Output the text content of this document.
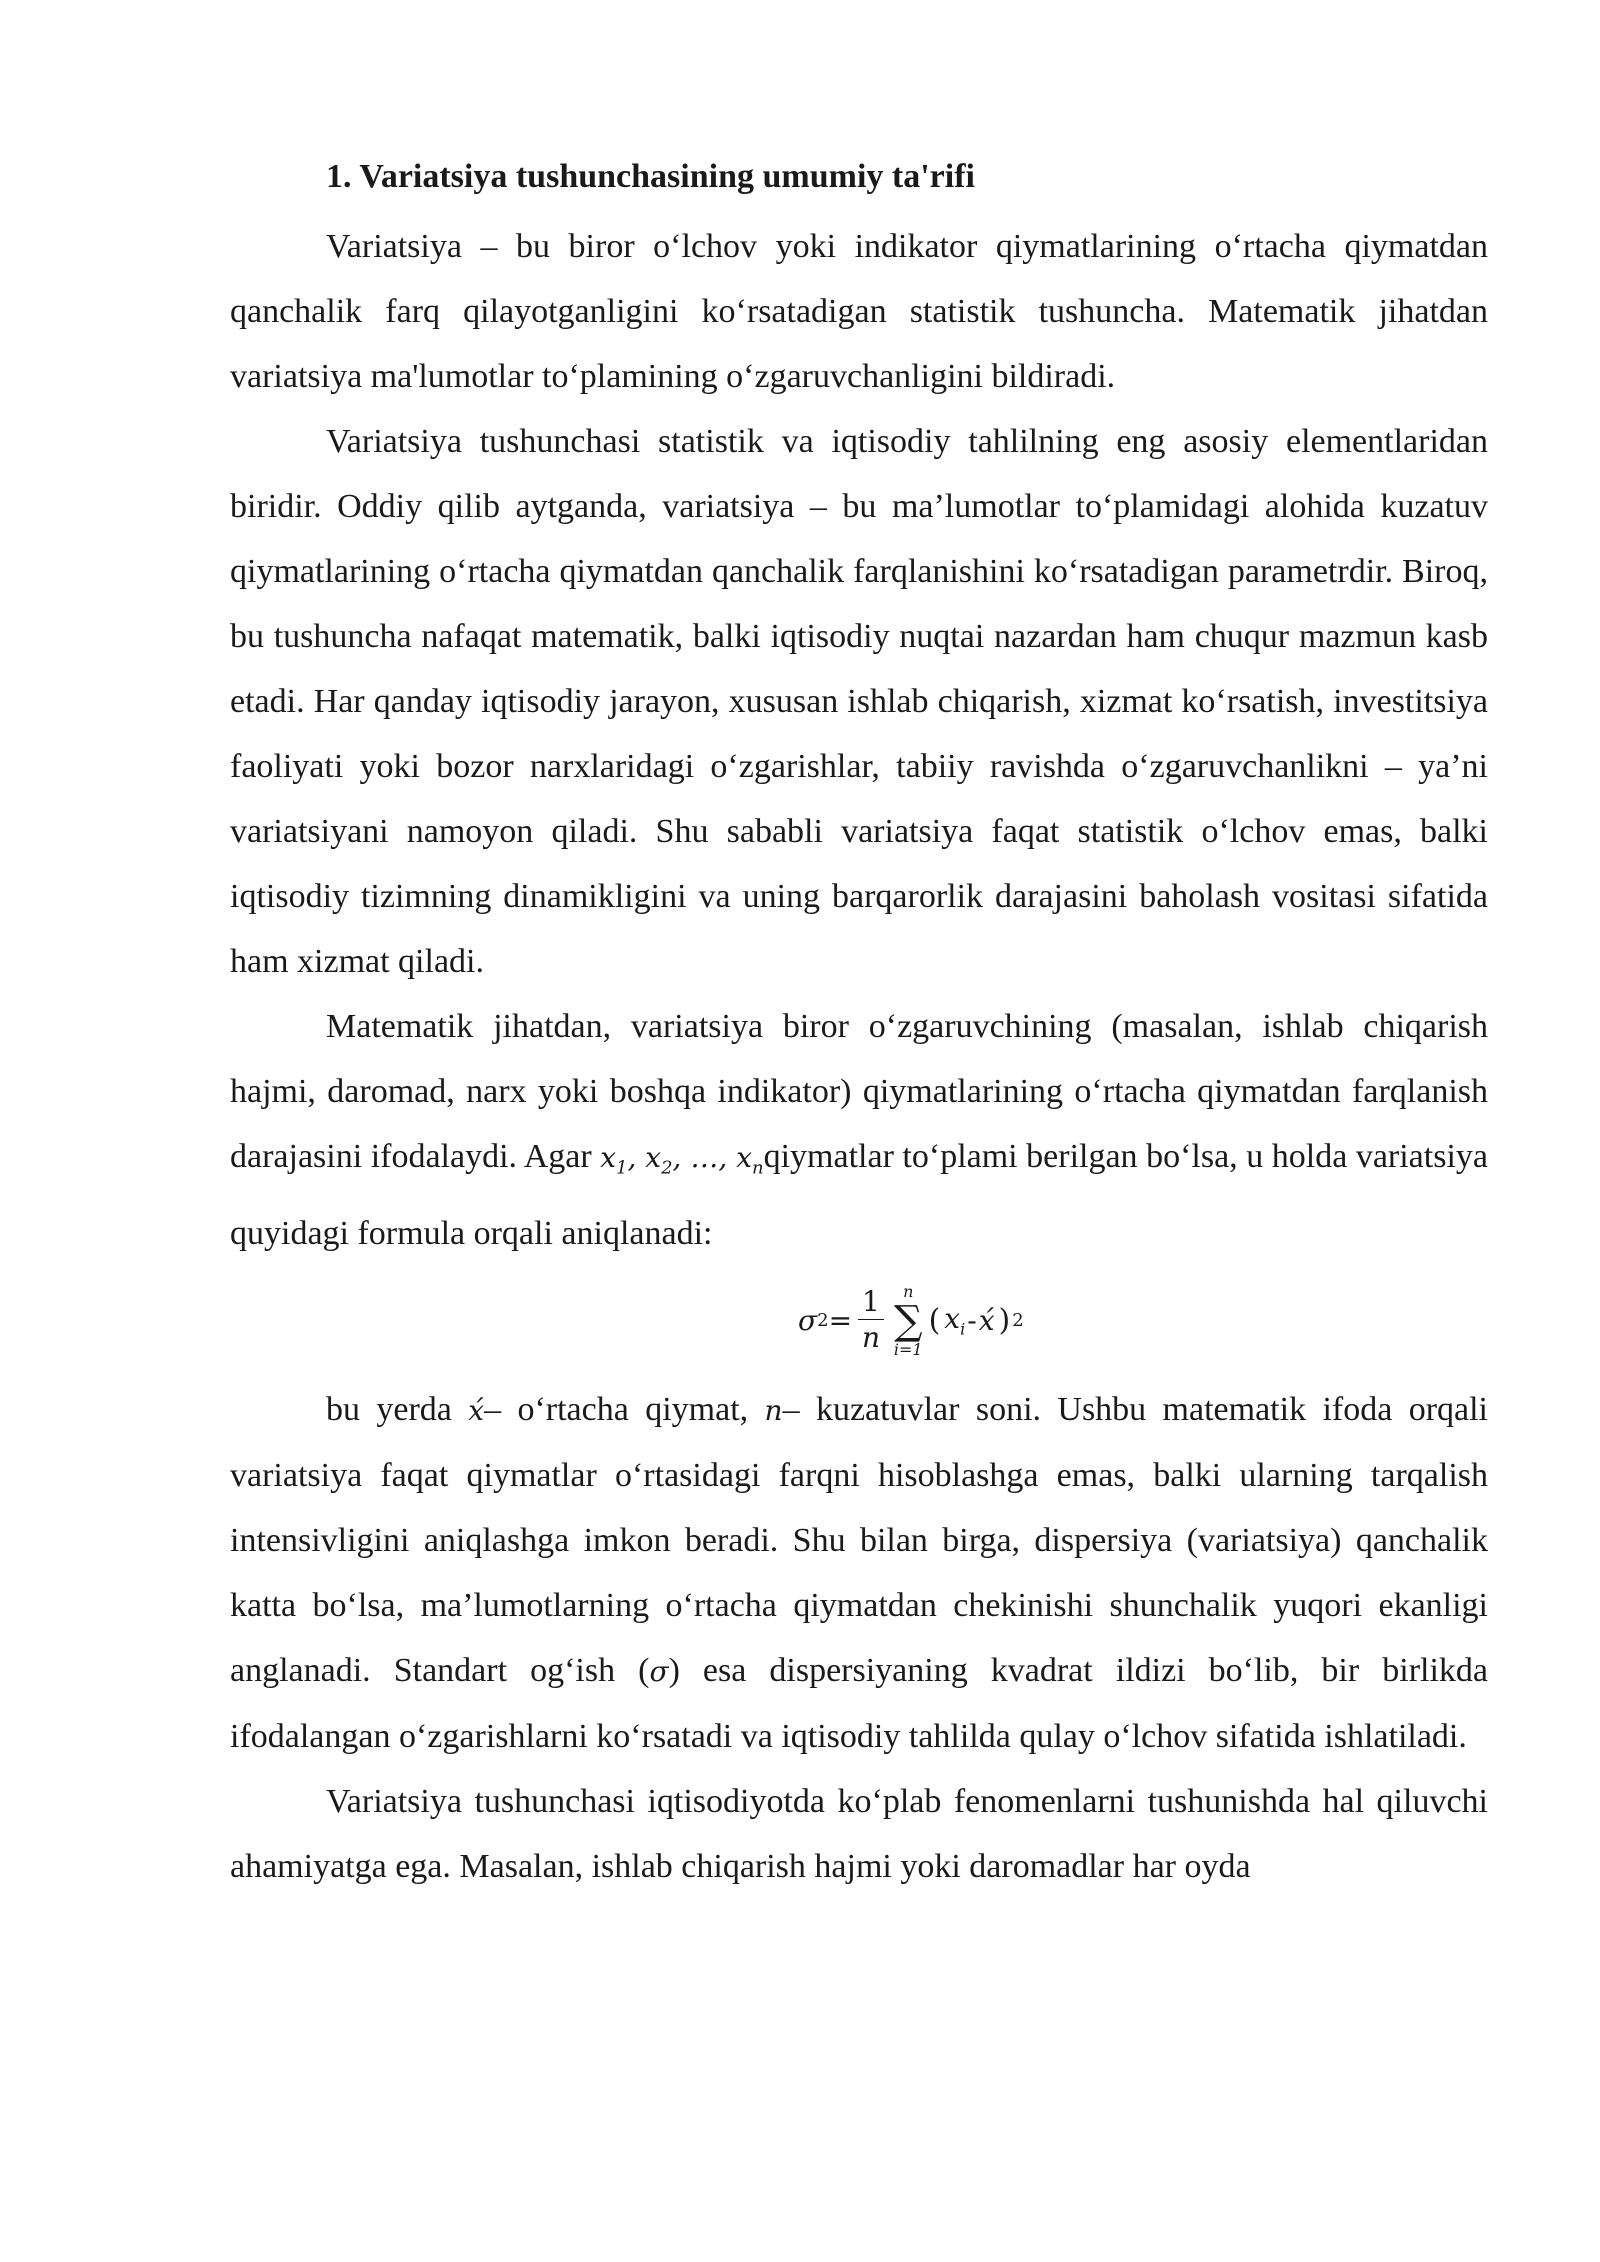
1. Variatsiya tushunchasining umumiy ta'rifi

Variatsiya – bu biror o‘lchov yoki indikator qiymatlarining o‘rtacha qiymatdan qanchalik farq qilayotganligini ko‘rsatadigan statistik tushuncha. Matematik jihatdan variatsiya ma'lumotlar to‘plamining o‘zgaruvchanligini bildiradi.

Variatsiya tushunchasi statistik va iqtisodiy tahlilning eng asosiy elementlaridan biridir. Oddiy qilib aytganda, variatsiya – bu ma’lumotlar to‘plamidagi alohida kuzatuv qiymatlarining o‘rtacha qiymatdan qanchalik farqlanishini ko‘rsatadigan parametrdir. Biroq, bu tushuncha nafaqat matematik, balki iqtisodiy nuqtai nazardan ham chuqur mazmun kasb etadi. Har qanday iqtisodiy jarayon, xususan ishlab chiqarish, xizmat ko‘rsatish, investitsiya faoliyati yoki bozor narxlaridagi o‘zgarishlar, tabiiy ravishda o‘zgaruvchanlikni – ya’ni variatsiyani namoyon qiladi. Shu sababli variatsiya faqat statistik o‘lchov emas, balki iqtisodiy tizimning dinamikligini va uning barqarorlik darajasini baholash vositasi sifatida ham xizmat qiladi.

Matematik jihatdan, variatsiya biror o‘zgaruvchining (masalan, ishlab chiqarish hajmi, daromad, narx yoki boshqa indikator) qiymatlarining o‘rtacha qiymatdan farqlanish darajasini ifodalaydi. Agar $x_1$, $x_2$, …, $x_nqiymatlar$ to‘plami berilgan bo‘lsa, u holda variatsiya quyidagi formula orqali aniqlanadi:

σ $2 = \frac{1}{n}$ n
∑
i=1
( $x_i$ - x́ ) 2

bu yerda x́– o‘rtacha qiymat, n– kuzatuvlar soni. Ushbu matematik ifoda orqali variatsiya faqat qiymatlar o‘rtasidagi farqni hisoblashga emas, balki ularning tarqalish intensivligini aniqlashga imkon beradi. Shu bilan birga, dispersiya (variatsiya) qanchalik katta bo‘lsa, ma’lumotlarning o‘rtacha qiymatdan chekinishi shunchalik yuqori ekanligi anglanadi. Standart og‘ish (σ) esa dispersiyaning kvadrat ildizi bo‘lib, bir birlikda ifodalangan o‘zgarishlarni ko‘rsatadi va iqtisodiy tahlilda qulay o‘lchov sifatida ishlatiladi.

Variatsiya tushunchasi iqtisodiyotda ko‘plab fenomenlarni tushunishda hal qiluvchi ahamiyatga ega. Masalan, ishlab chiqarish hajmi yoki daromadlar har oyda
